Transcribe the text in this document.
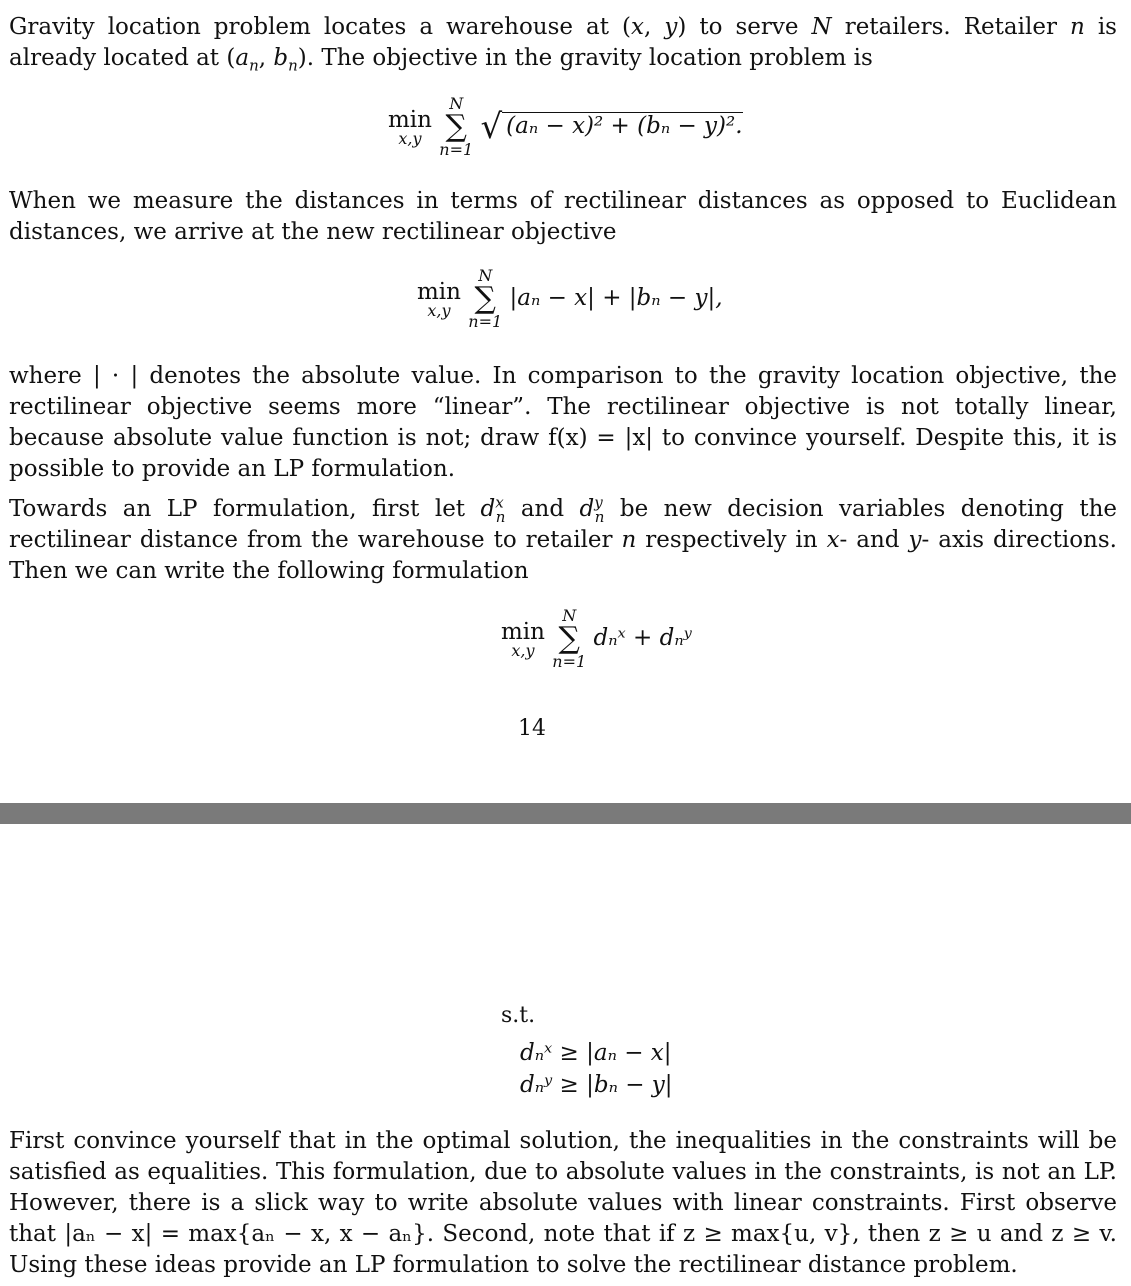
Gravity location problem locates a warehouse at (x, y) to serve N retailers. Retailer n is already located at ($a_n$, $b_n$). The objective in the gravity location problem is

min
x,y

N
∑
n=1
√ (aₙ − x)² + (bₙ − y)².

When we measure the distances in terms of rectilinear distances as opposed to Euclidean distances, we arrive at the new rectilinear objective

min
x,y

N
∑
n=1
|aₙ − x| + |bₙ − y|,

where | · | denotes the absolute value. In comparison to the gravity location objective, the rectilinear objective seems more “linear”. The rectilinear objective is not totally linear, because absolute value function is not; draw f(x) = |x| to convince yourself. Despite this, it is possible to provide an LP formulation.

Towards an LP formulation, first let $d^x_n$ and $d^y_n$ be new decision variables denoting the rectilinear distance from the warehouse to retailer n respectively in x- and y- axis directions. Then we can write the following formulation

min
x,y

N
∑
n=1
dₙˣ + dₙʸ
14
s.t.
dₙˣ ≥ |aₙ − x|
dₙʸ ≥ |bₙ − y|

First convince yourself that in the optimal solution, the inequalities in the constraints will be satisfied as equalities. This formulation, due to absolute values in the constraints, is not an LP. However, there is a slick way to write absolute values with linear constraints. First observe that |aₙ − x| = max{aₙ − x, x − aₙ}. Second, note that if z ≥ max{u, v}, then z ≥ u and z ≥ v. Using these ideas provide an LP formulation to solve the rectilinear distance problem.
